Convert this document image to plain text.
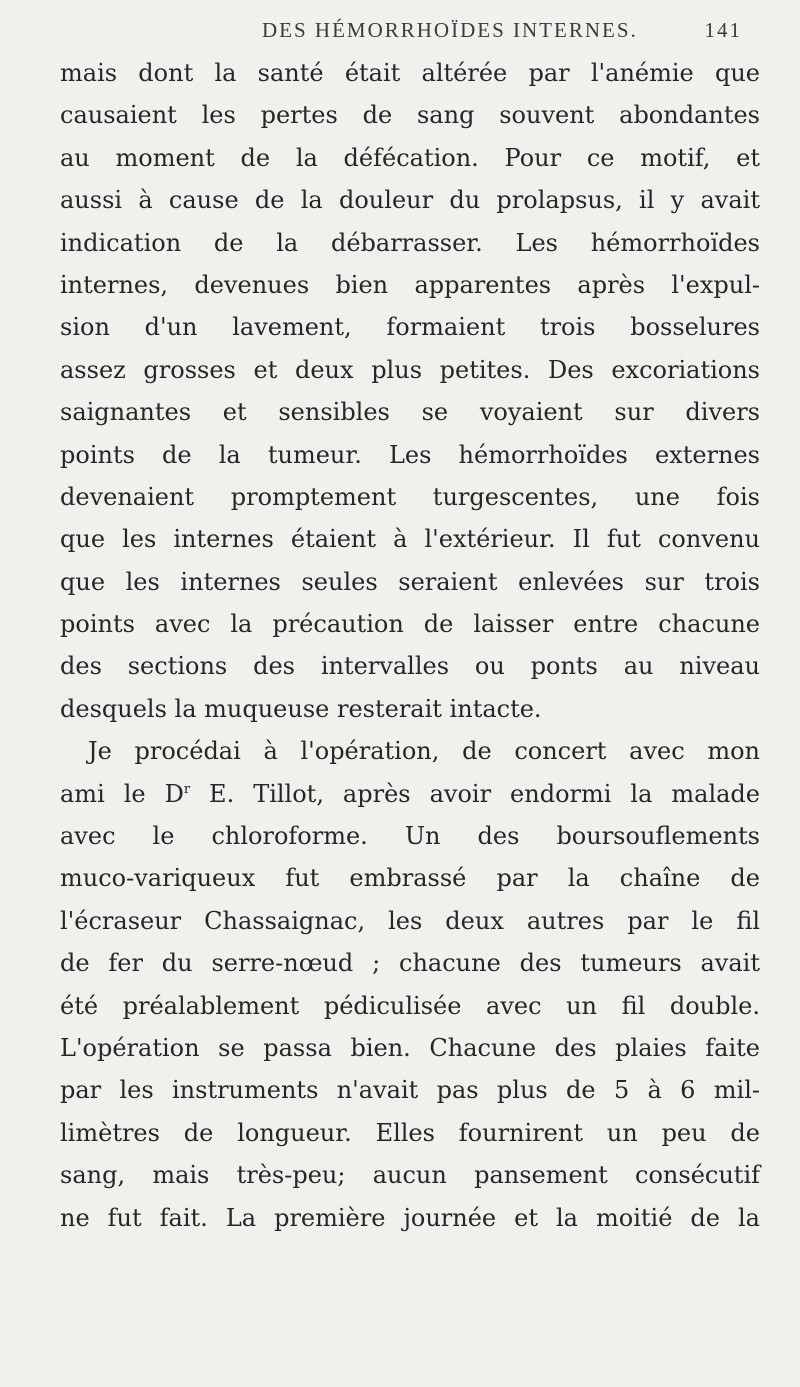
DES HÉMORRHOÏDES INTERNES.	141
mais dont la santé était altérée par l'anémie que
causaient les pertes de sang souvent abondantes
au moment de la défécation. Pour ce motif, et
aussi à cause de la douleur du prolapsus, il y avait
indication de la débarrasser. Les hémorrhoïdes
internes, devenues bien apparentes après l'expul-
sion d'un lavement, formaient trois bosselures
assez grosses et deux plus petites. Des excoriations
saignantes et sensibles se voyaient sur divers
points de la tumeur. Les hémorrhoïdes externes
devenaient promptement turgescentes, une fois
que les internes étaient à l'extérieur. Il fut convenu
que les internes seules seraient enlevées sur trois
points avec la précaution de laisser entre chacune
des sections des intervalles ou ponts au niveau
desquels la muqueuse resterait intacte.
Je procédai à l'opération, de concert avec mon
ami le $D^r$ E. Tillot, après avoir endormi la malade
avec le chloroforme. Un des boursouflements
muco-variqueux fut embrassé par la chaîne de
l'écraseur Chassaignac, les deux autres par le fil
de fer du serre-nœud ; chacune des tumeurs avait
été préalablement pédiculisée avec un fil double.
L'opération se passa bien. Chacune des plaies faite
par les instruments n'avait pas plus de 5 à 6 mil-
limètres de longueur. Elles fournirent un peu de
sang, mais très-peu; aucun pansement consécutif
ne fut fait. La première journée et la moitié de la
